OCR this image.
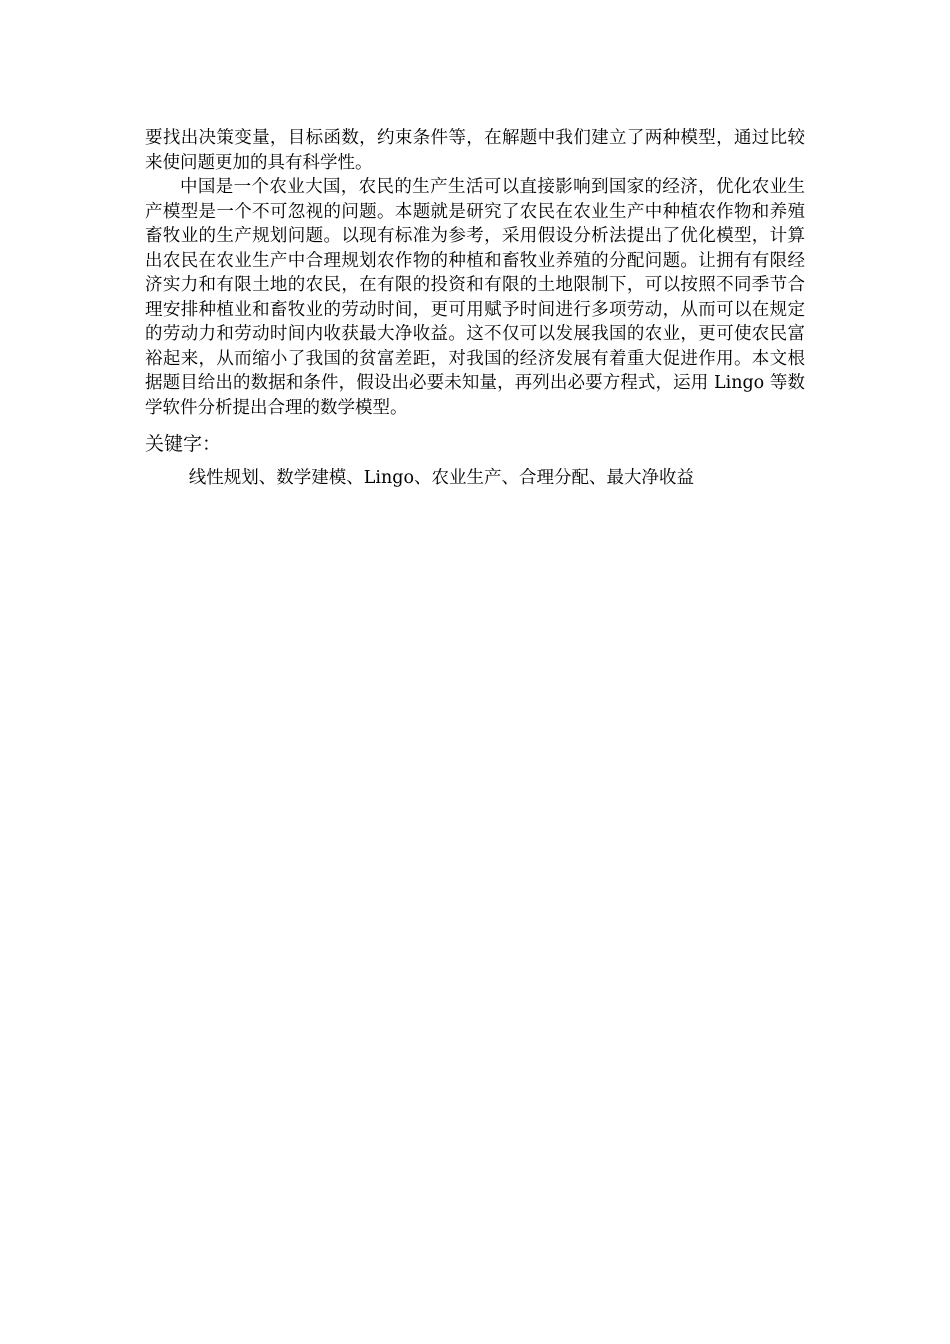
要找出决策变量，目标函数，约束条件等，在解题中我们建立了两种模型，通过比较来使问题更加的具有科学性。

中国是一个农业大国，农民的生产生活可以直接影响到国家的经济，优化农业生产模型是一个不可忽视的问题。本题就是研究了农民在农业生产中种植农作物和养殖畜牧业的生产规划问题。以现有标准为参考，采用假设分析法提出了优化模型，计算出农民在农业生产中合理规划农作物的种植和畜牧业养殖的分配问题。让拥有有限经济实力和有限土地的农民，在有限的投资和有限的土地限制下，可以按照不同季节合理安排种植业和畜牧业的劳动时间，更可用赋予时间进行多项劳动，从而可以在规定的劳动力和劳动时间内收获最大净收益。这不仅可以发展我国的农业，更可使农民富裕起来，从而缩小了我国的贫富差距，对我国的经济发展有着重大促进作用。本文根据题目给出的数据和条件，假设出必要未知量，再列出必要方程式，运用 Lingo 等数学软件分析提出合理的数学模型。

关键字：

线性规划、数学建模、Lingo、农业生产、合理分配、最大净收益
